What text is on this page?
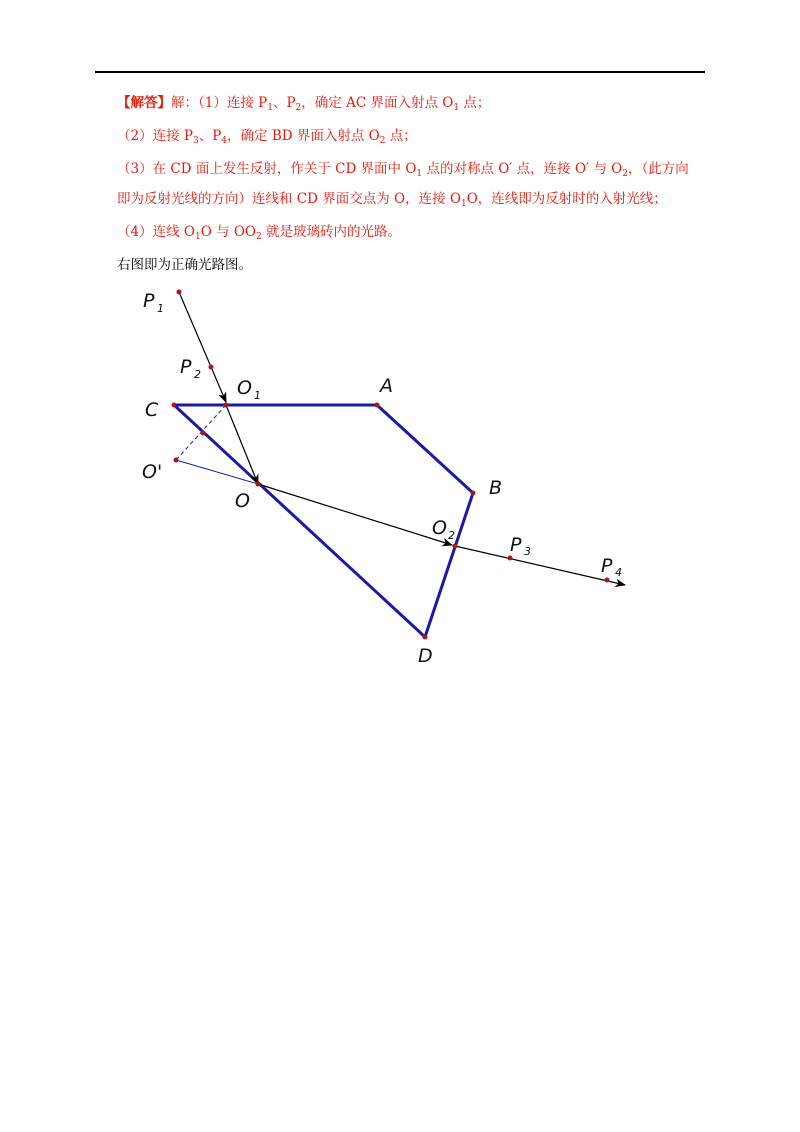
【解答】解：（1）连接 $P_1$、$P_2$，确定 AC 界面入射点 $O_1$ 点；
（2）连接 $P_3$、$P_4$，确定 BD 界面入射点 $O_2$ 点；
（3）在 CD 面上发生反射，作关于 CD 界面中 $O_1$ 点的对称点 O′ 点，连接 O′ 与 $O_2$，（此方向
即为反射光线的方向）连线和 CD 界面交点为 O，连接 $O_1O$，连线即为反射时的入射光线；
（4）连线 $O_1O$ 与 $OO_2$ 就是玻璃砖内的光路。
右图即为正确光路图。
P 1
P 2
O 1	A
C
O'
O
B
O 2	P 3
P 4
D
